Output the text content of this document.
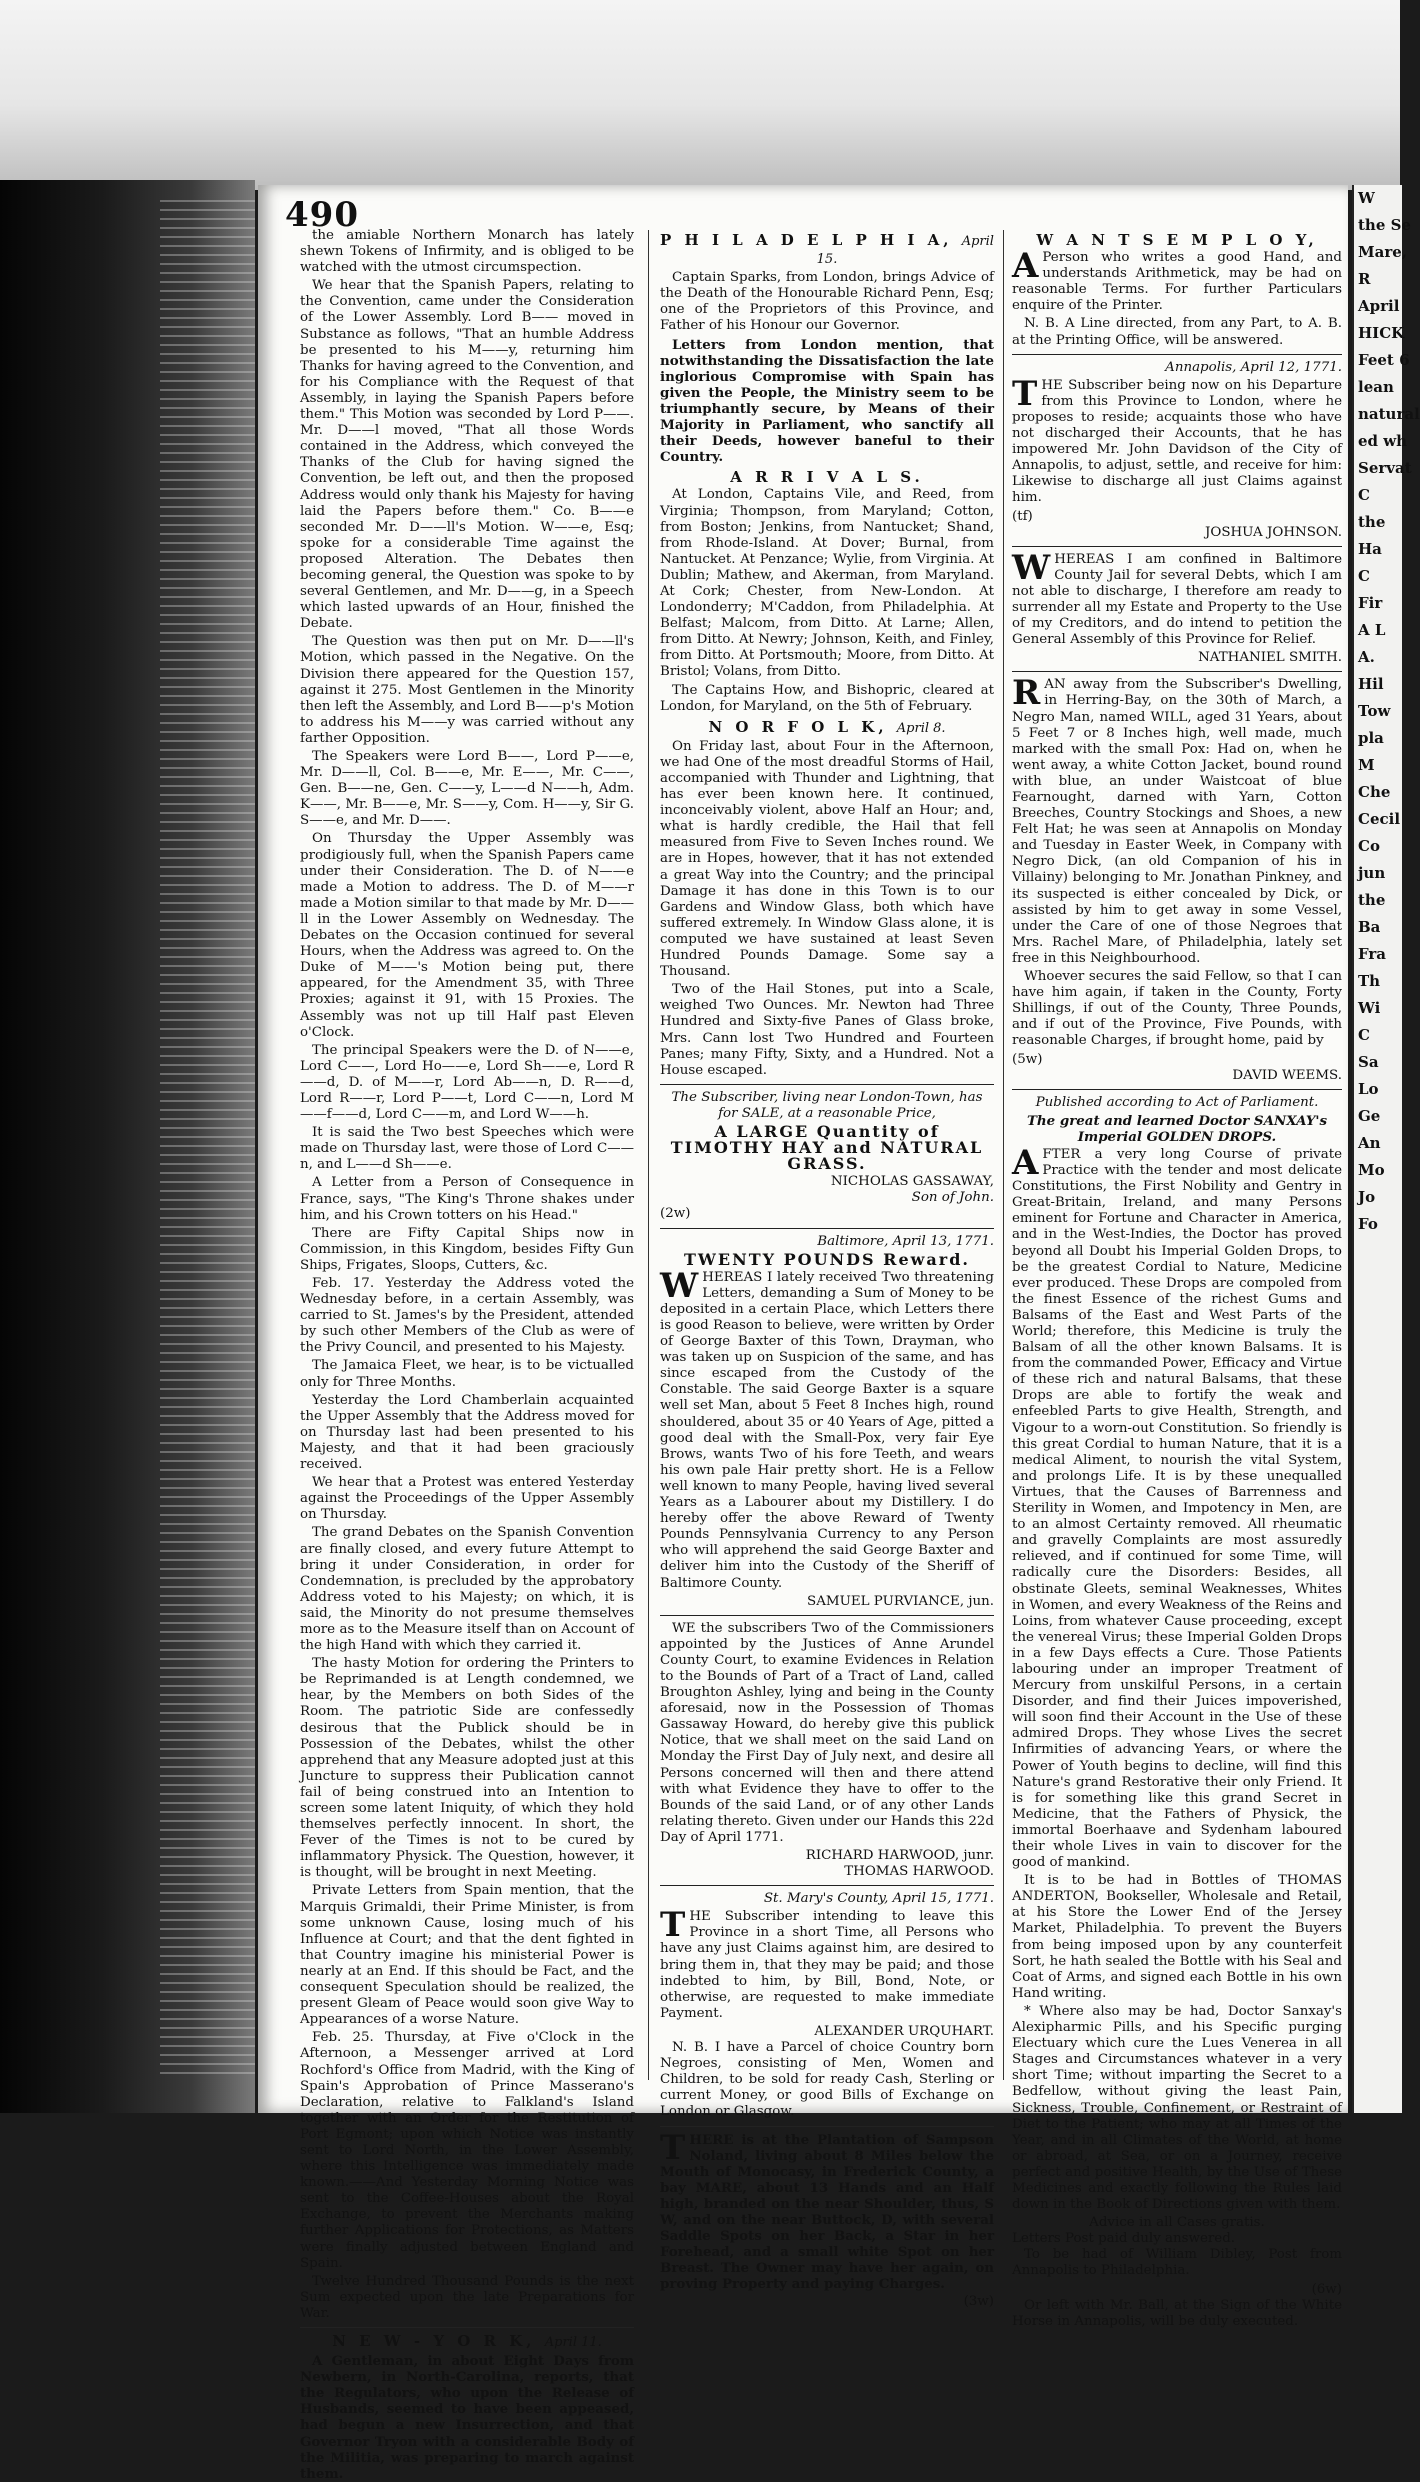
W
the Se
Mare,
R
April
HICK
Feet 6
lean
natural
ed wh
Servat
C
the
Ha
C
Fir
A L
A.
Hil
Tow
pla
M
Che
Cecil
Co
jun
the
Ba
Fra
Th
Wi
C
Sa
Lo
Ge
An
Mo
Jo
Fo
490

the amiable Northern Monarch has lately shewn Tokens of Infirmity, and is obliged to be watched with the utmost circumspection.

We hear that the Spanish Papers, relating to the Convention, came under the Consideration of the Lower Assembly. Lord B—— moved in Substance as follows, "That an humble Address be presented to his M——y, returning him Thanks for having agreed to the Convention, and for his Compliance with the Request of that Assembly, in laying the Spanish Papers before them." This Motion was seconded by Lord P——. Mr. D——l moved, "That all those Words contained in the Address, which conveyed the Thanks of the Club for having signed the Convention, be left out, and then the proposed Address would only thank his Majesty for having laid the Papers before them." Co. B——e seconded Mr. D——ll's Motion. W——e, Esq; spoke for a considerable Time against the proposed Alteration. The Debates then becoming general, the Question was spoke to by several Gentlemen, and Mr. D——g, in a Speech which lasted upwards of an Hour, finished the Debate.

The Question was then put on Mr. D——ll's Motion, which passed in the Negative. On the Division there appeared for the Question 157, against it 275. Most Gentlemen in the Minority then left the Assembly, and Lord B——p's Motion to address his M——y was carried without any farther Opposition.

The Speakers were Lord B——, Lord P——e, Mr. D——ll, Col. B——e, Mr. E——, Mr. C——, Gen. B——ne, Gen. C——y, L——d N——h, Adm. K——, Mr. B——e, Mr. S——y, Com. H——y, Sir G. S——e, and Mr. D——.

On Thursday the Upper Assembly was prodigiously full, when the Spanish Papers came under their Consideration. The D. of N——e made a Motion to address. The D. of M——r made a Motion similar to that made by Mr. D——ll in the Lower Assembly on Wednesday. The Debates on the Occasion continued for several Hours, when the Address was agreed to. On the Duke of M——'s Motion being put, there appeared, for the Amendment 35, with Three Proxies; against it 91, with 15 Proxies. The Assembly was not up till Half past Eleven o'Clock.

The principal Speakers were the D. of N——e, Lord C——, Lord Ho——e, Lord Sh——e, Lord R——d, D. of M——r, Lord Ab——n, D. R——d, Lord R——r, Lord P——t, Lord C——n, Lord M——f——d, Lord C——m, and Lord W——h.

It is said the Two best Speeches which were made on Thursday last, were those of Lord C——n, and L——d Sh——e.

A Letter from a Person of Consequence in France, says, "The King's Throne shakes under him, and his Crown totters on his Head."

There are Fifty Capital Ships now in Commission, in this Kingdom, besides Fifty Gun Ships, Frigates, Sloops, Cutters, &c.

Feb. 17. Yesterday the Address voted the Wednesday before, in a certain Assembly, was carried to St. James's by the President, attended by such other Members of the Club as were of the Privy Council, and presented to his Majesty.

The Jamaica Fleet, we hear, is to be victualled only for Three Months.

Yesterday the Lord Chamberlain acquainted the Upper Assembly that the Address moved for on Thursday last had been presented to his Majesty, and that it had been graciously received.

We hear that a Protest was entered Yesterday against the Proceedings of the Upper Assembly on Thursday.

The grand Debates on the Spanish Convention are finally closed, and every future Attempt to bring it under Consideration, in order for Condemnation, is precluded by the approbatory Address voted to his Majesty; on which, it is said, the Minority do not presume themselves more as to the Measure itself than on Account of the high Hand with which they carried it.

The hasty Motion for ordering the Printers to be Reprimanded is at Length condemned, we hear, by the Members on both Sides of the Room. The patriotic Side are confessedly desirous that the Publick should be in Possession of the Debates, whilst the other apprehend that any Measure adopted just at this Juncture to suppress their Publication cannot fail of being construed into an Intention to screen some latent Iniquity, of which they hold themselves perfectly innocent. In short, the Fever of the Times is not to be cured by inflammatory Physick. The Question, however, it is thought, will be brought in next Meeting.

Private Letters from Spain mention, that the Marquis Grimaldi, their Prime Minister, is from some unknown Cause, losing much of his Influence at Court; and that the dent fighted in that Country imagine his ministerial Power is nearly at an End. If this should be Fact, and the consequent Speculation should be realized, the present Gleam of Peace would soon give Way to Appearances of a worse Nature.

Feb. 25. Thursday, at Five o'Clock in the Afternoon, a Messenger arrived at Lord Rochford's Office from Madrid, with the King of Spain's Approbation of Prince Masserano's Declaration, relative to Falkland's Island together with an Order for the Restitution of Port Egmont; upon which Notice was instantly sent to Lord North, in the Lower Assembly, where this Intelligence was immediately made known.——And Yesterday Morning Notice was sent to the Coffee-Houses about the Royal Exchange, to prevent the Merchants making further Applications for Protections, as Matters were finally adjusted between England and Spain.

Twelve Hundred Thousand Pounds is the next Sum expected upon the late Preparations for War.

N E W - Y O R K, April 11.

A Gentleman, in about Eight Days from Newbern, in North-Carolina, reports, that the Regulators, who upon the Release of Husbands, seemed to have been appeased, had begun a new Insurrection, and that Governor Tryon with a considerable Body of the Militia, was preparing to march against them.

P H I L A D E L P H I A, April 15.

Captain Sparks, from London, brings Advice of the Death of the Honourable Richard Penn, Esq; one of the Proprietors of this Province, and Father of his Honour our Governor.

Letters from London mention, that notwithstanding the Dissatisfaction the late inglorious Compromise with Spain has given the People, the Ministry seem to be triumphantly secure, by Means of their Majority in Parliament, who sanctify all their Deeds, however baneful to their Country.

A R R I V A L S.

At London, Captains Vile, and Reed, from Virginia; Thompson, from Maryland; Cotton, from Boston; Jenkins, from Nantucket; Shand, from Rhode-Island. At Dover; Burnal, from Nantucket. At Penzance; Wylie, from Virginia. At Dublin; Mathew, and Akerman, from Maryland. At Cork; Chester, from New-London. At Londonderry; M'Caddon, from Philadelphia. At Belfast; Malcom, from Ditto. At Larne; Allen, from Ditto. At Newry; Johnson, Keith, and Finley, from Ditto. At Portsmouth; Moore, from Ditto. At Bristol; Volans, from Ditto.

The Captains How, and Bishopric, cleared at London, for Maryland, on the 5th of February.

N O R F O L K, April 8.

On Friday last, about Four in the Afternoon, we had One of the most dreadful Storms of Hail, accompanied with Thunder and Lightning, that has ever been known here. It continued, inconceivably violent, above Half an Hour; and, what is hardly credible, the Hail that fell measured from Five to Seven Inches round. We are in Hopes, however, that it has not extended a great Way into the Country; and the principal Damage it has done in this Town is to our Gardens and Window Glass, both which have suffered extremely. In Window Glass alone, it is computed we have sustained at least Seven Hundred Pounds Damage. Some say a Thousand.

Two of the Hail Stones, put into a Scale, weighed Two Ounces. Mr. Newton had Three Hundred and Sixty-five Panes of Glass broke, Mrs. Cann lost Two Hundred and Fourteen Panes; many Fifty, Sixty, and a Hundred. Not a House escaped.

The Subscriber, living near London-Town, has for SALE, at a reasonable Price,

A LARGE Quantity of TIMOTHY HAY and NATURAL GRASS.

NICHOLAS GASSAWAY,

Son of John.

(2w)

Baltimore, April 13, 1771.

TWENTY POUNDS Reward.

WHEREAS I lately received Two threatening Letters, demanding a Sum of Money to be deposited in a certain Place, which Letters there is good Reason to believe, were written by Order of George Baxter of this Town, Drayman, who was taken up on Suspicion of the same, and has since escaped from the Custody of the Constable. The said George Baxter is a square well set Man, about 5 Feet 8 Inches high, round shouldered, about 35 or 40 Years of Age, pitted a good deal with the Small-Pox, very fair Eye Brows, wants Two of his fore Teeth, and wears his own pale Hair pretty short. He is a Fellow well known to many People, having lived several Years as a Labourer about my Distillery. I do hereby offer the above Reward of Twenty Pounds Pennsylvania Currency to any Person who will apprehend the said George Baxter and deliver him into the Custody of the Sheriff of Baltimore County.

SAMUEL PURVIANCE, jun.

WE the subscribers Two of the Commissioners appointed by the Justices of Anne Arundel County Court, to examine Evidences in Relation to the Bounds of Part of a Tract of Land, called Broughton Ashley, lying and being in the County aforesaid, now in the Possession of Thomas Gassaway Howard, do hereby give this publick Notice, that we shall meet on the said Land on Monday the First Day of July next, and desire all Persons concerned will then and there attend with what Evidence they have to offer to the Bounds of the said Land, or of any other Lands relating thereto. Given under our Hands this 22d Day of April 1771.

RICHARD HARWOOD, junr.

THOMAS HARWOOD.

St. Mary's County, April 15, 1771.

THE Subscriber intending to leave this Province in a short Time, all Persons who have any just Claims against him, are desired to bring them in, that they may be paid; and those indebted to him, by Bill, Bond, Note, or otherwise, are requested to make immediate Payment.

ALEXANDER URQUHART.

N. B. I have a Parcel of choice Country born Negroes, consisting of Men, Women and Children, to be sold for ready Cash, Sterling or current Money, or good Bills of Exchange on London or Glasgow.

THERE is at the Plantation of Sampson Noland, living about 8 Miles below the Mouth of Monocasy, in Frederick County, a bay MARE, about 13 Hands and an Half high, branded on the near Shoulder, thus, S W, and on the near Buttock, D, with several Saddle Spots on her Back, a Star in her Forehead, and a small white Spot on her Breast. The Owner may have her again, on proving Property and paying Charges.

(3w)

W A N T S E M P L O Y,

APerson who writes a good Hand, and understands Arithmetick, may be had on reasonable Terms. For further Particulars enquire of the Printer.

N. B. A Line directed, from any Part, to A. B. at the Printing Office, will be answered.

Annapolis, April 12, 1771.

THE Subscriber being now on his Departure from this Province to London, where he proposes to reside; acquaints those who have not discharged their Accounts, that he has impowered Mr. John Davidson of the City of Annapolis, to adjust, settle, and receive for him: Likewise to discharge all just Claims against him.

(tf)

JOSHUA JOHNSON.

WHEREAS I am confined in Baltimore County Jail for several Debts, which I am not able to discharge, I therefore am ready to surrender all my Estate and Property to the Use of my Creditors, and do intend to petition the General Assembly of this Province for Relief.

NATHANIEL SMITH.

RAN away from the Subscriber's Dwelling, in Herring-Bay, on the 30th of March, a Negro Man, named WILL, aged 31 Years, about 5 Feet 7 or 8 Inches high, well made, much marked with the small Pox: Had on, when he went away, a white Cotton Jacket, bound round with blue, an under Waistcoat of blue Fearnought, darned with Yarn, Cotton Breeches, Country Stockings and Shoes, a new Felt Hat; he was seen at Annapolis on Monday and Tuesday in Easter Week, in Company with Negro Dick, (an old Companion of his in Villainy) belonging to Mr. Jonathan Pinkney, and its suspected is either concealed by Dick, or assisted by him to get away in some Vessel, under the Care of one of those Negroes that Mrs. Rachel Mare, of Philadelphia, lately set free in this Neighbourhood.

Whoever secures the said Fellow, so that I can have him again, if taken in the County, Forty Shillings, if out of the County, Three Pounds, and if out of the Province, Five Pounds, with reasonable Charges, if brought home, paid by

(5w)

DAVID WEEMS.

Published according to Act of Parliament.

The great and learned Doctor SANXAY's Imperial GOLDEN DROPS.

AFTER a very long Course of private Practice with the tender and most delicate Constitutions, the First Nobility and Gentry in Great-Britain, Ireland, and many Persons eminent for Fortune and Character in America, and in the West-Indies, the Doctor has proved beyond all Doubt his Imperial Golden Drops, to be the greatest Cordial to Nature, Medicine ever produced. These Drops are compoled from the finest Essence of the richest Gums and Balsams of the East and West Parts of the World; therefore, this Medicine is truly the Balsam of all the other known Balsams. It is from the commanded Power, Efficacy and Virtue of these rich and natural Balsams, that these Drops are able to fortify the weak and enfeebled Parts to give Health, Strength, and Vigour to a worn-out Constitution. So friendly is this great Cordial to human Nature, that it is a medical Aliment, to nourish the vital System, and prolongs Life. It is by these unequalled Virtues, that the Causes of Barrenness and Sterility in Women, and Impotency in Men, are to an almost Certainty removed. All rheumatic and gravelly Complaints are most assuredly relieved, and if continued for some Time, will radically cure the Disorders: Besides, all obstinate Gleets, seminal Weaknesses, Whites in Women, and every Weakness of the Reins and Loins, from whatever Cause proceeding, except the venereal Virus; these Imperial Golden Drops in a few Days effects a Cure. Those Patients labouring under an improper Treatment of Mercury from unskilful Persons, in a certain Disorder, and find their Juices impoverished, will soon find their Account in the Use of these admired Drops. They whose Lives the secret Infirmities of advancing Years, or where the Power of Youth begins to decline, will find this Nature's grand Restorative their only Friend. It is for something like this grand Secret in Medicine, that the Fathers of Physick, the immortal Boerhaave and Sydenham laboured their whole Lives in vain to discover for the good of mankind.

It is to be had in Bottles of THOMAS ANDERTON, Bookseller, Wholesale and Retail, at his Store the Lower End of the Jersey Market, Philadelphia. To prevent the Buyers from being imposed upon by any counterfeit Sort, he hath sealed the Bottle with his Seal and Coat of Arms, and signed each Bottle in his own Hand writing.

* Where also may be had, Doctor Sanxay's Alexipharmic Pills, and his Specific purging Electuary which cure the Lues Venerea in all Stages and Circumstances whatever in a very short Time; without imparting the Secret to a Bedfellow, without giving the least Pain, Sickness, Trouble, Confinement, or Restraint of Diet to the Patient; who may at all Times of the Year, and in all Climates of the World, at home or abroad, at Sea, or on a Journey, receive perfect and positive Health, by the Use of These Medicines and exactly following the Rules laid down in the Book of Directions given with them.

Advice in all Cases gratis.

Letters Post paid duly answered.

To be had of William Dibley, Post from Annapolis to Philadelphia.

(6w)

Or left with Mr. Ball, at the Sign of the White Horse in Annapolis, will be duly executed.
